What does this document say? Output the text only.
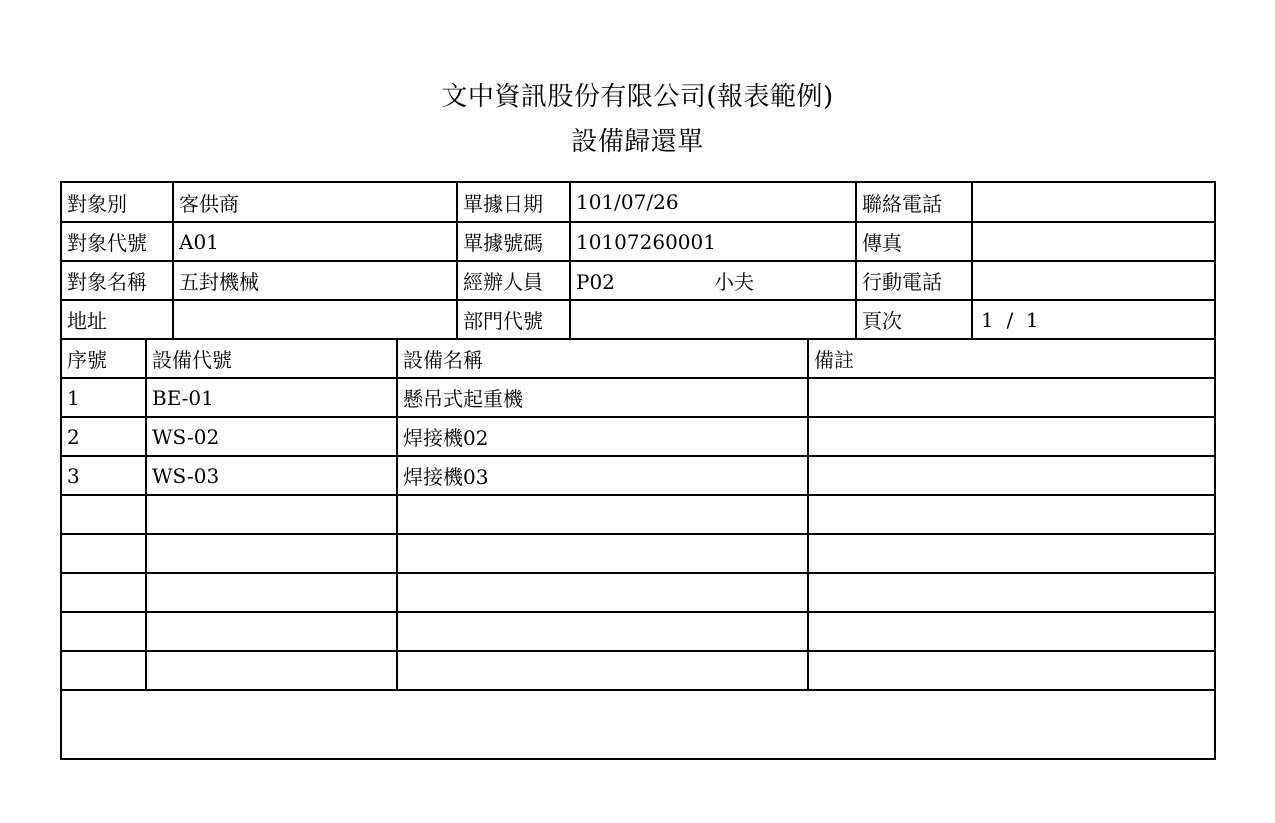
文中資訊股份有限公司(報表範例)
設備歸還單
對象別	客供商	單據日期	101/07/26	聯絡電話	
對象代號	A01	單據號碼	10107260001	傳真	
對象名稱	五封機械	經辦人員	P02 小夫	行動電話	
地址		部門代號		頁次	1  /  1
序號	設備代號	設備名稱	備註
1	BE-01	懸吊式起重機	
2	WS-02	焊接機02	
3	WS-03	焊接機03	
